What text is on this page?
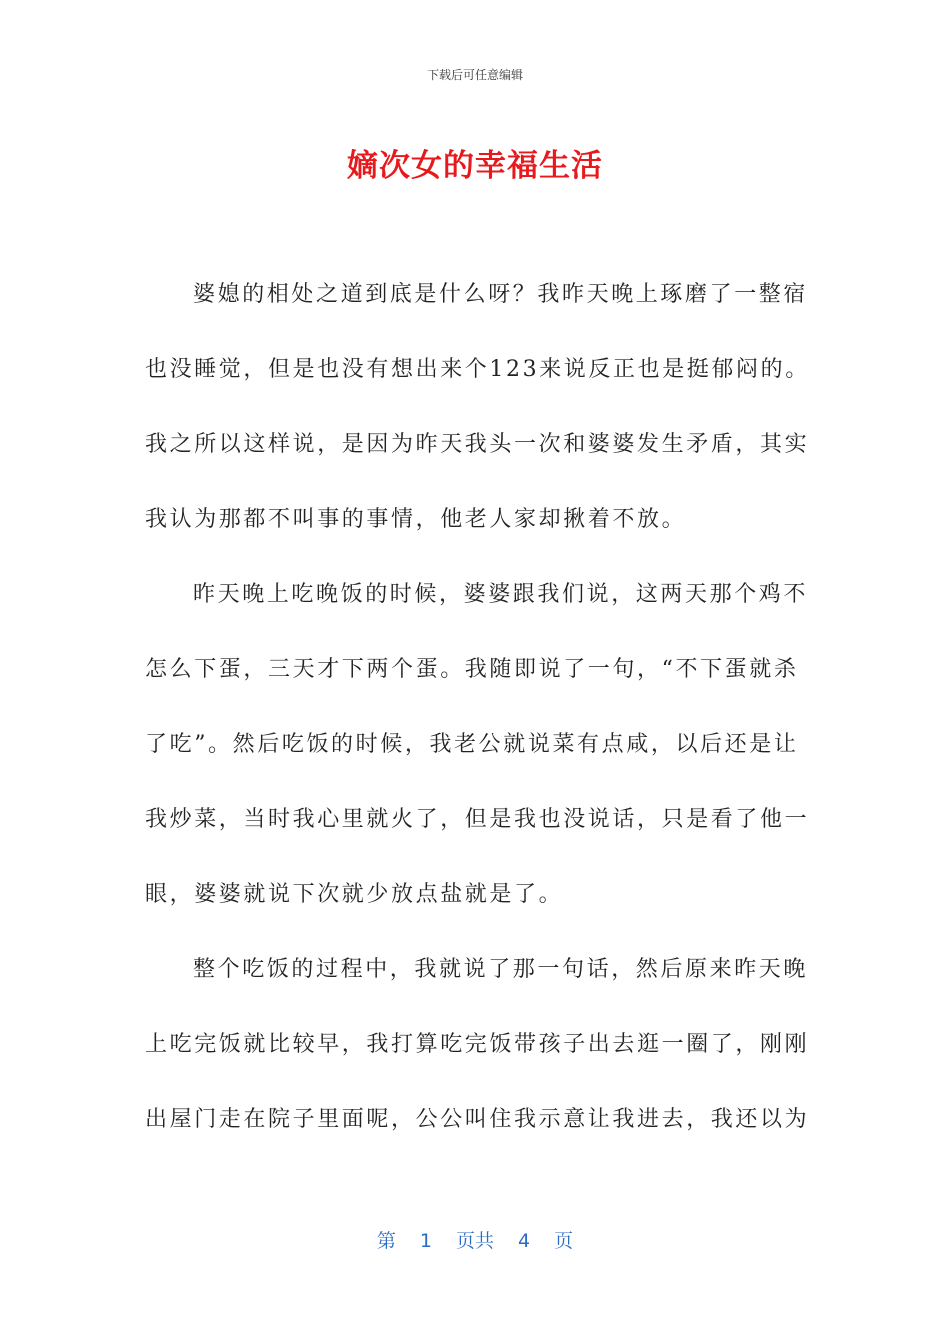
下载后可任意编辑
嫡次女的幸福生活
婆媳的相处之道到底是什么呀？我昨天晚上琢磨了一整宿
也没睡觉，但是也没有想出来个123来说反正也是挺郁闷的。
我之所以这样说，是因为昨天我头一次和婆婆发生矛盾，其实
我认为那都不叫事的事情，他老人家却揪着不放。
昨天晚上吃晚饭的时候，婆婆跟我们说，这两天那个鸡不
怎么下蛋，三天才下两个蛋。我随即说了一句，“不下蛋就杀
了吃”。然后吃饭的时候，我老公就说菜有点咸，以后还是让
我炒菜，当时我心里就火了，但是我也没说话，只是看了他一
眼，婆婆就说下次就少放点盐就是了。
整个吃饭的过程中，我就说了那一句话，然后原来昨天晚
上吃完饭就比较早，我打算吃完饭带孩子出去逛一圈了，刚刚
出屋门走在院子里面呢，公公叫住我示意让我进去，我还以为
第 1 页共 4 页
